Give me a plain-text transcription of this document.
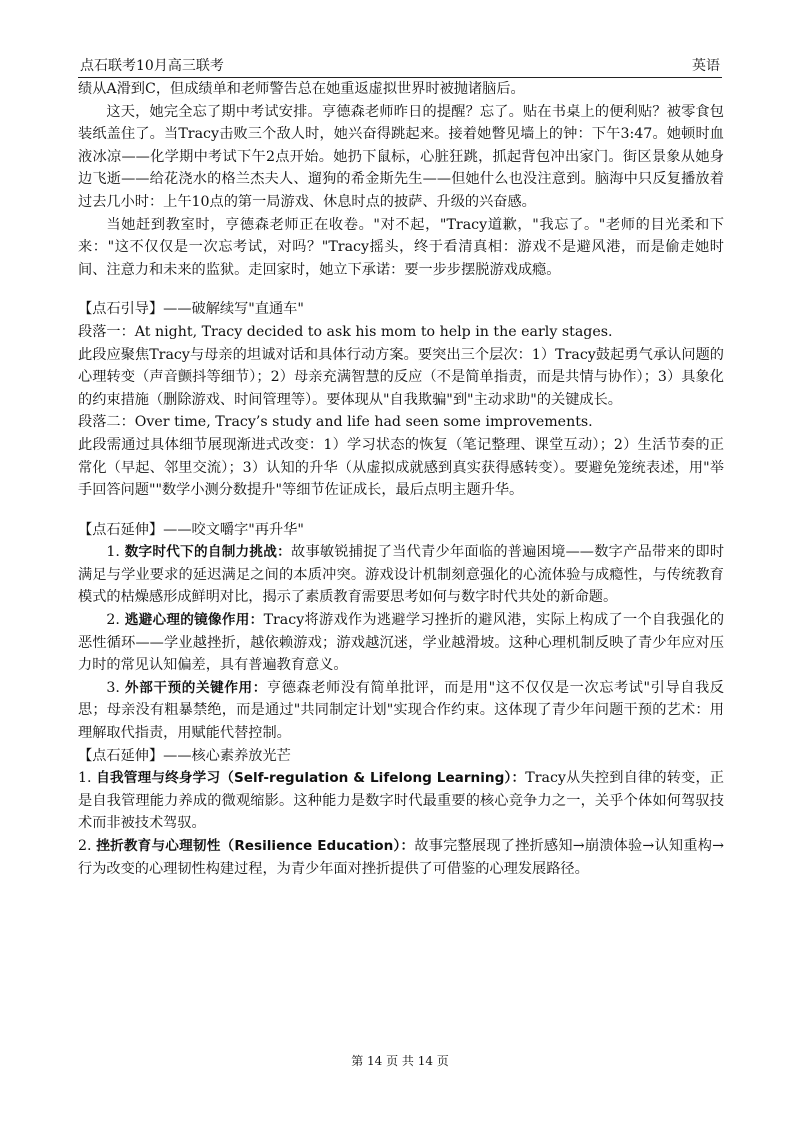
点石联考10月高三联考	英语

绩从A滑到C，但成绩单和老师警告总在她重返虚拟世界时被抛诸脑后。

这天，她完全忘了期中考试安排。亨德森老师昨日的提醒？忘了。贴在书桌上的便利贴？被零食包装纸盖住了。当Tracy击败三个敌人时，她兴奋得跳起来。接着她瞥见墙上的钟：下午3:47。她顿时血液冰凉——化学期中考试下午2点开始。她扔下鼠标，心脏狂跳，抓起背包冲出家门。街区景象从她身边飞逝——给花浇水的格兰杰夫人、遛狗的希金斯先生——但她什么也没注意到。脑海中只反复播放着过去几小时：上午10点的第一局游戏、休息时点的披萨、升级的兴奋感。

当她赶到教室时，亨德森老师正在收卷。"对不起，"Tracy道歉，"我忘了。"老师的目光柔和下来："这不仅仅是一次忘考试，对吗？"Tracy摇头，终于看清真相：游戏不是避风港，而是偷走她时间、注意力和未来的监狱。走回家时，她立下承诺：要一步步摆脱游戏成瘾。

【点石引导】——破解续写"直通车"

段落一：At night, Tracy decided to ask his mom to help in the early stages.

此段应聚焦Tracy与母亲的坦诚对话和具体行动方案。要突出三个层次：1）Tracy鼓起勇气承认问题的心理转变（声音颤抖等细节）；2）母亲充满智慧的反应（不是简单指责，而是共情与协作）；3）具象化的约束措施（删除游戏、时间管理等）。要体现从"自我欺骗"到"主动求助"的关键成长。

段落二：Over time, Tracy’s study and life had seen some improvements.

此段需通过具体细节展现渐进式改变：1）学习状态的恢复（笔记整理、课堂互动）；2）生活节奏的正常化（早起、邻里交流）；3）认知的升华（从虚拟成就感到真实获得感转变）。要避免笼统表述，用"举手回答问题""数学小测分数提升"等细节佐证成长，最后点明主题升华。

【点石延伸】——咬文嚼字"再升华"

1. 数字时代下的自制力挑战：故事敏锐捕捉了当代青少年面临的普遍困境——数字产品带来的即时满足与学业要求的延迟满足之间的本质冲突。游戏设计机制刻意强化的心流体验与成瘾性，与传统教育模式的枯燥感形成鲜明对比，揭示了素质教育需要思考如何与数字时代共处的新命题。

2. 逃避心理的镜像作用：Tracy将游戏作为逃避学习挫折的避风港，实际上构成了一个自我强化的恶性循环——学业越挫折，越依赖游戏；游戏越沉迷，学业越滑坡。这种心理机制反映了青少年应对压力时的常见认知偏差，具有普遍教育意义。

3. 外部干预的关键作用：亨德森老师没有简单批评，而是用"这不仅仅是一次忘考试"引导自我反思；母亲没有粗暴禁绝，而是通过"共同制定计划"实现合作约束。这体现了青少年问题干预的艺术：用理解取代指责，用赋能代替控制。

【点石延伸】——核心素养放光芒

1. 自我管理与终身学习（Self-regulation & Lifelong Learning）：Tracy从失控到自律的转变，正是自我管理能力养成的微观缩影。这种能力是数字时代最重要的核心竞争力之一，关乎个体如何驾驭技术而非被技术驾驭。

2. 挫折教育与心理韧性（Resilience Education）：故事完整展现了挫折感知→崩溃体验→认知重构→行为改变的心理韧性构建过程，为青少年面对挫折提供了可借鉴的心理发展路径。

第 14 页 共 14 页
